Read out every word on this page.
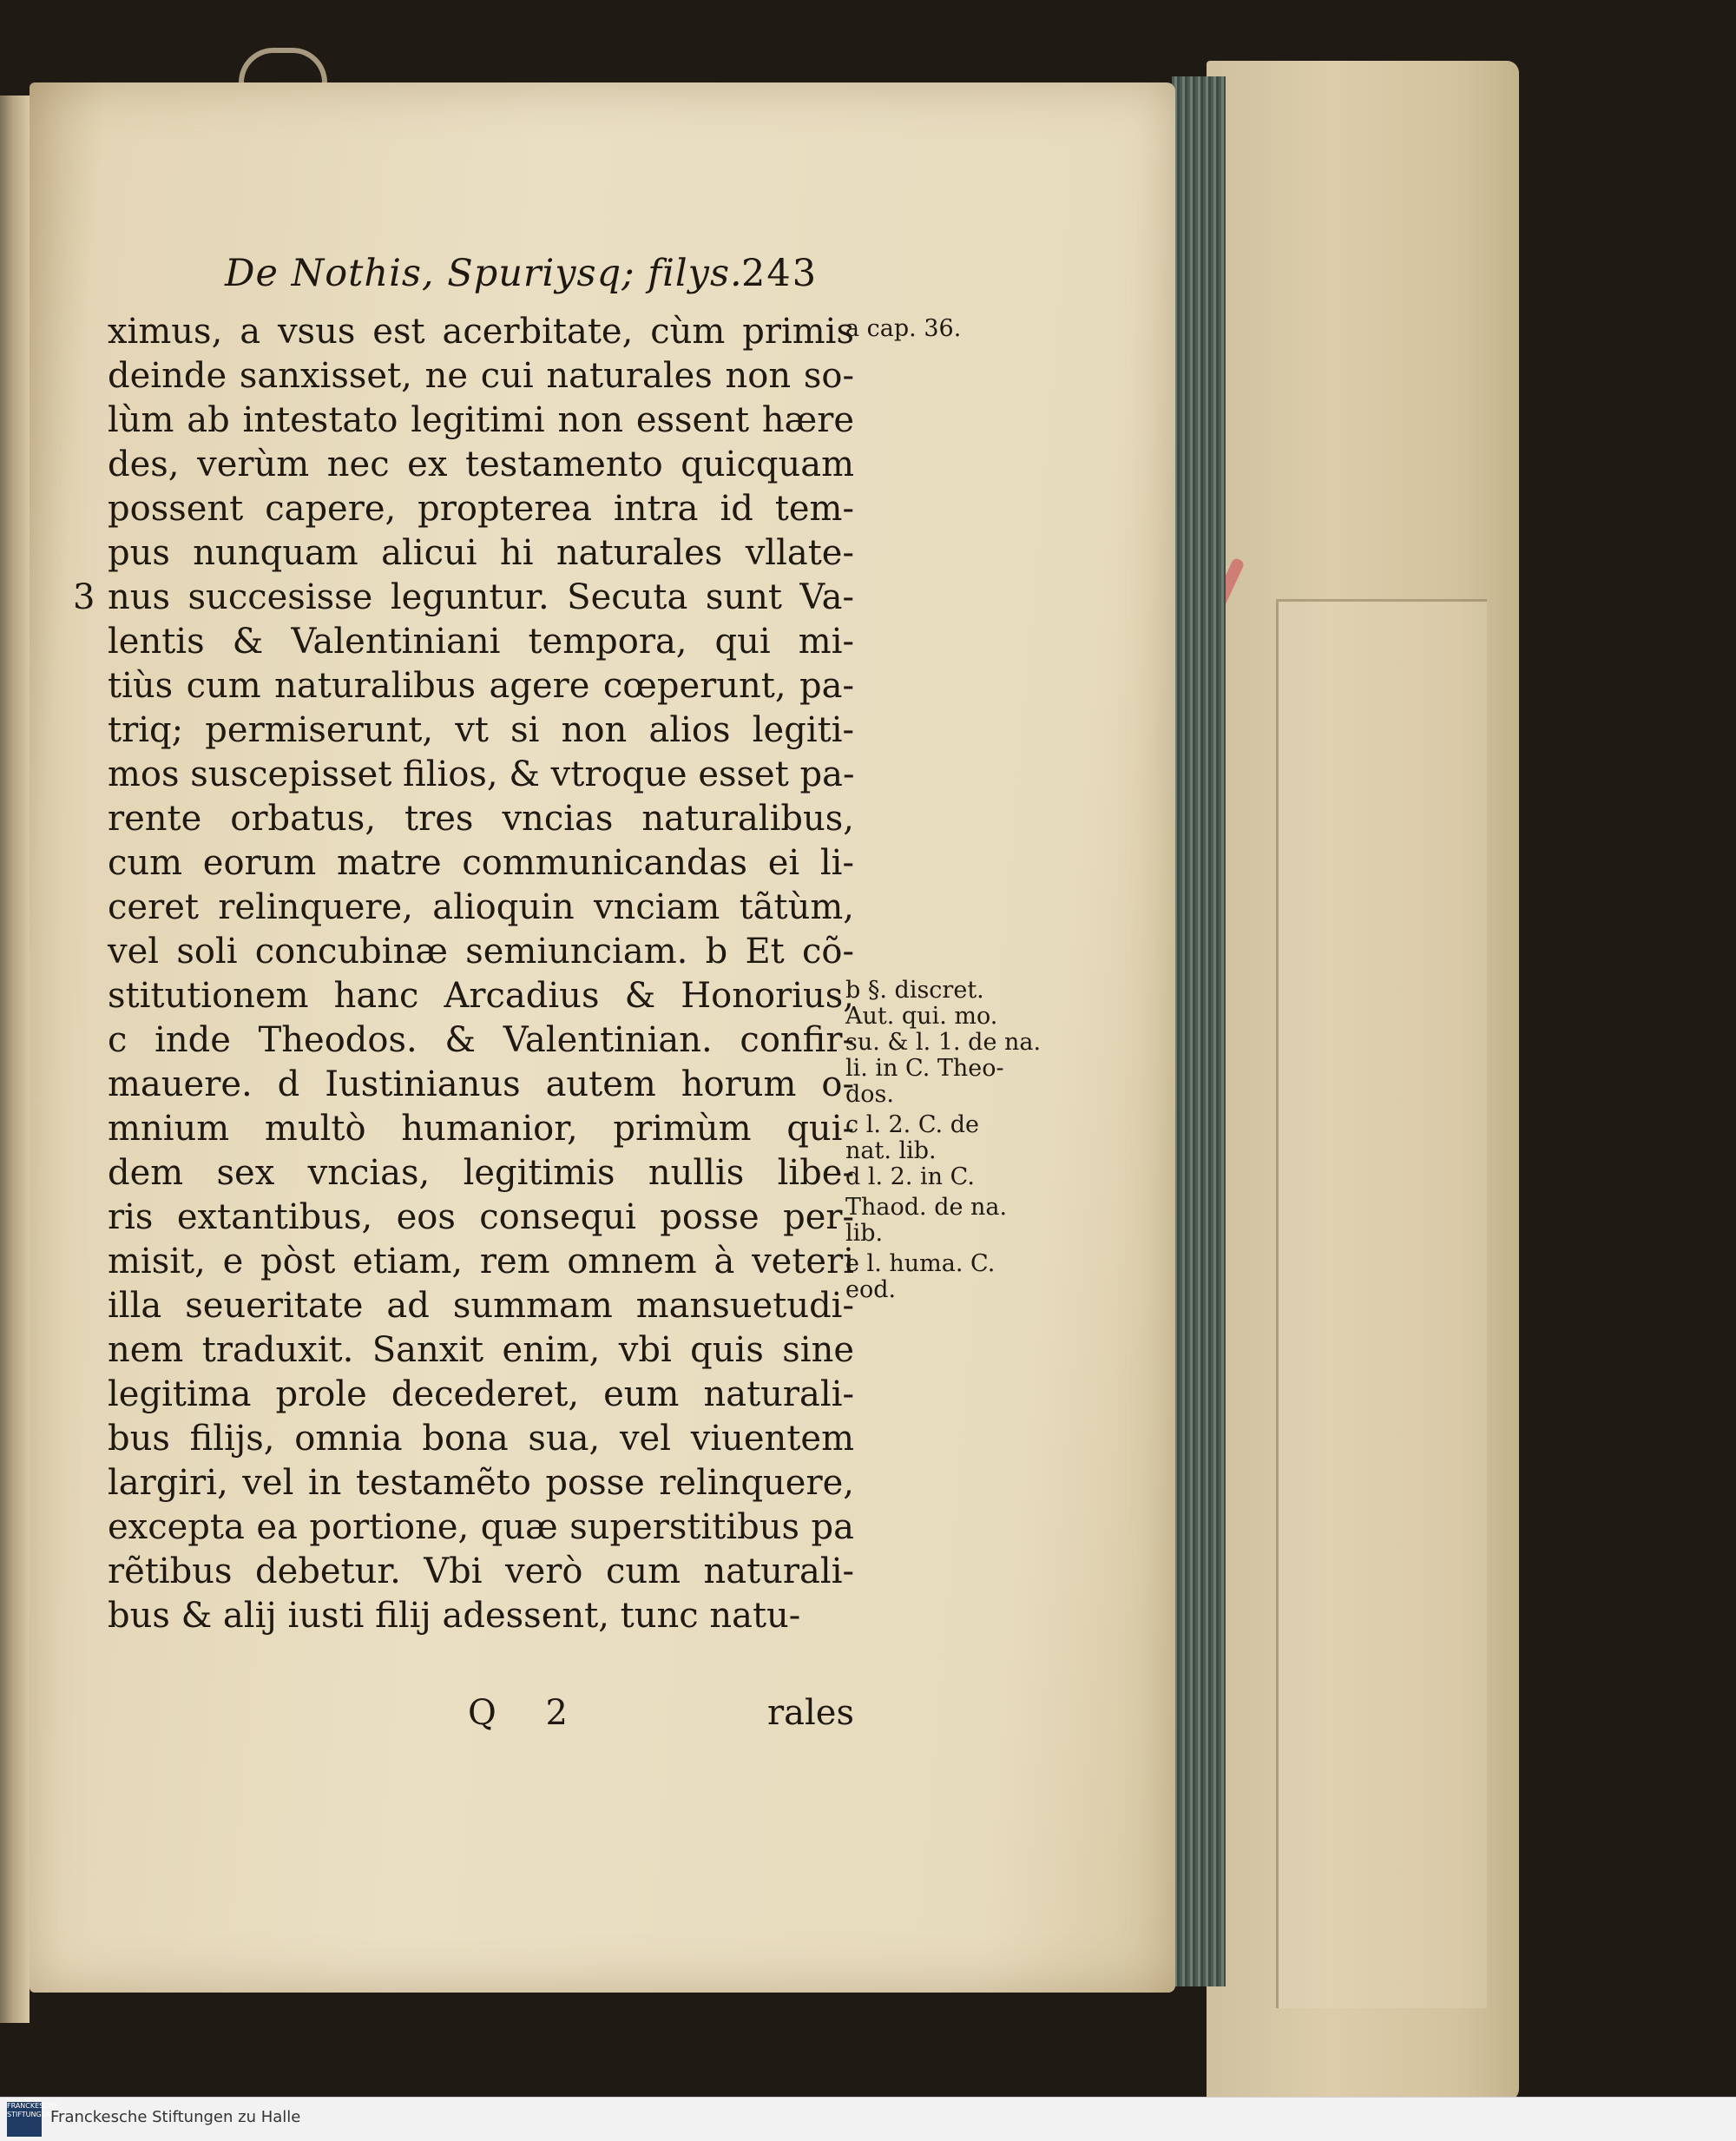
De Nothis, Spuriysq; filys.
243
ximus, a vsus est acerbitate, cùm primis
deinde sanxisset, ne cui naturales non so-
lùm ab intestato legitimi non essent hære
des, verùm nec ex testamento quicquam
possent capere, propterea intra id tem-
pus nunquam alicui hi naturales vllate-
3 nus succesisse leguntur. Secuta sunt Va-
lentis & Valentiniani tempora, qui mi-
tiùs cum naturalibus agere cœperunt, pa-
triq; permiserunt, vt si non alios legiti-
mos suscepisset filios, & vtroque esset pa-
rente orbatus, tres vncias naturalibus,
cum eorum matre communicandas ei li-
ceret relinquere, alioquin vnciam tãtùm,
vel soli concubinæ semiunciam. b Et cõ-
stitutionem hanc Arcadius & Honorius,
c inde Theodos. & Valentinian. confir-
mauere. d Iustinianus autem horum o-
mnium multò humanior, primùm qui-
dem sex vncias, legitimis nullis libe-
ris extantibus, eos consequi posse per-
misit, e pòst etiam, rem omnem à veteri
illa seueritate ad summam mansuetudi-
nem traduxit. Sanxit enim, vbi quis sine
legitima prole decederet, eum naturali-
bus filijs, omnia bona sua, vel viuentem
largiri, vel in testamẽto posse relinquere,
excepta ea portione, quæ superstitibus pa
rẽtibus debetur. Vbi verò cum naturali-
bus & alij iusti filij adessent, tunc natu-
Q 2	rales
a cap. 36.
b §. discret.
Aut. qui. mo.
su. & l. 1. de na.
li. in C. Theo-
dos.
c l. 2. C. de
nat. lib.
d l. 2. in C.
Thaod. de na.
lib.
e l. huma. C.
eod.
FRANCKESCHE STIFTUNGEN Franckesche Stiftungen zu Halle
